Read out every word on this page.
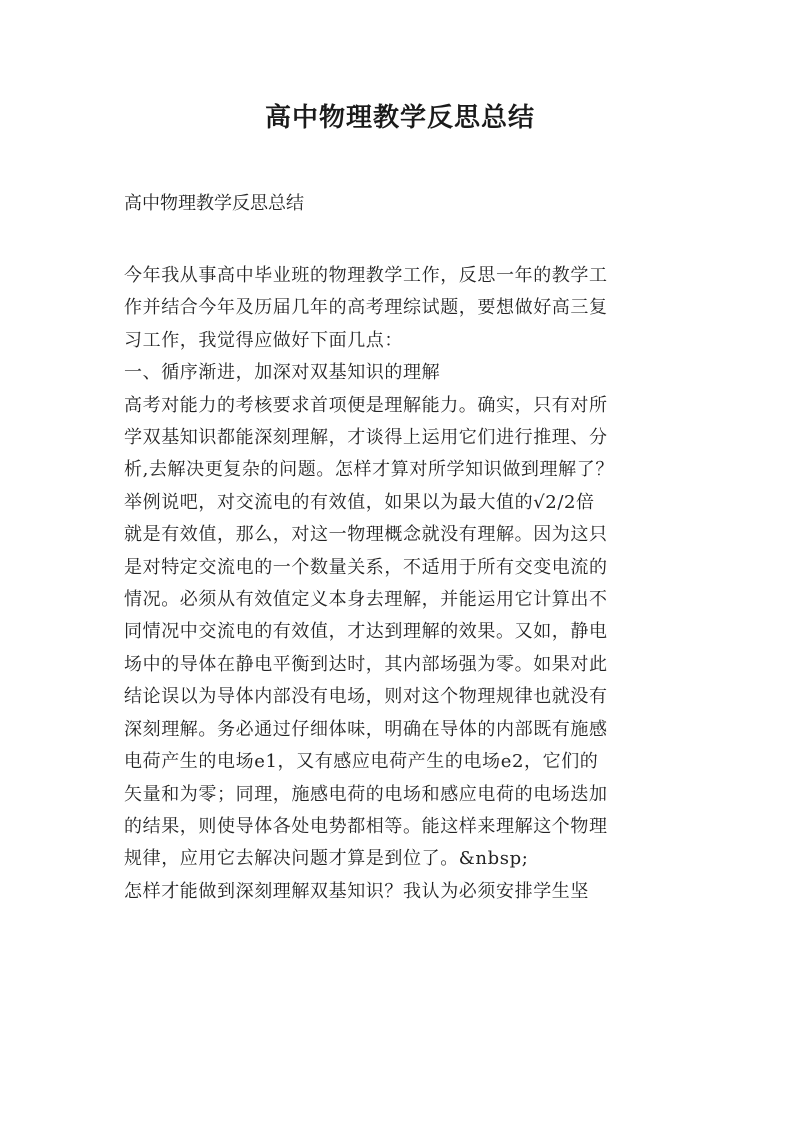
高中物理教学反思总结

高中物理教学反思总结

今年我从事高中毕业班的物理教学工作，反思一年的教学工
作并结合今年及历届几年的高考理综试题，要想做好高三复
习工作，我觉得应做好下面几点：
一、循序渐进，加深对双基知识的理解
高考对能力的考核要求首项便是理解能力。确实，只有对所
学双基知识都能深刻理解，才谈得上运用它们进行推理、分
析,去解决更复杂的问题。怎样才算对所学知识做到理解了？
举例说吧，对交流电的有效值，如果以为最大值的√2/2倍
就是有效值，那么，对这一物理概念就没有理解。因为这只
是对特定交流电的一个数量关系，不适用于所有交变电流的
情况。必须从有效值定义本身去理解，并能运用它计算出不
同情况中交流电的有效值，才达到理解的效果。又如，静电
场中的导体在静电平衡到达时，其内部场强为零。如果对此
结论误以为导体内部没有电场，则对这个物理规律也就没有
深刻理解。务必通过仔细体味，明确在导体的内部既有施感
电荷产生的电场e1，又有感应电荷产生的电场e2，它们的
矢量和为零；同理，施感电荷的电场和感应电荷的电场迭加
的结果，则使导体各处电势都相等。能这样来理解这个物理
规律，应用它去解决问题才算是到位了。&nbsp;
怎样才能做到深刻理解双基知识？我认为必须安排学生坚
